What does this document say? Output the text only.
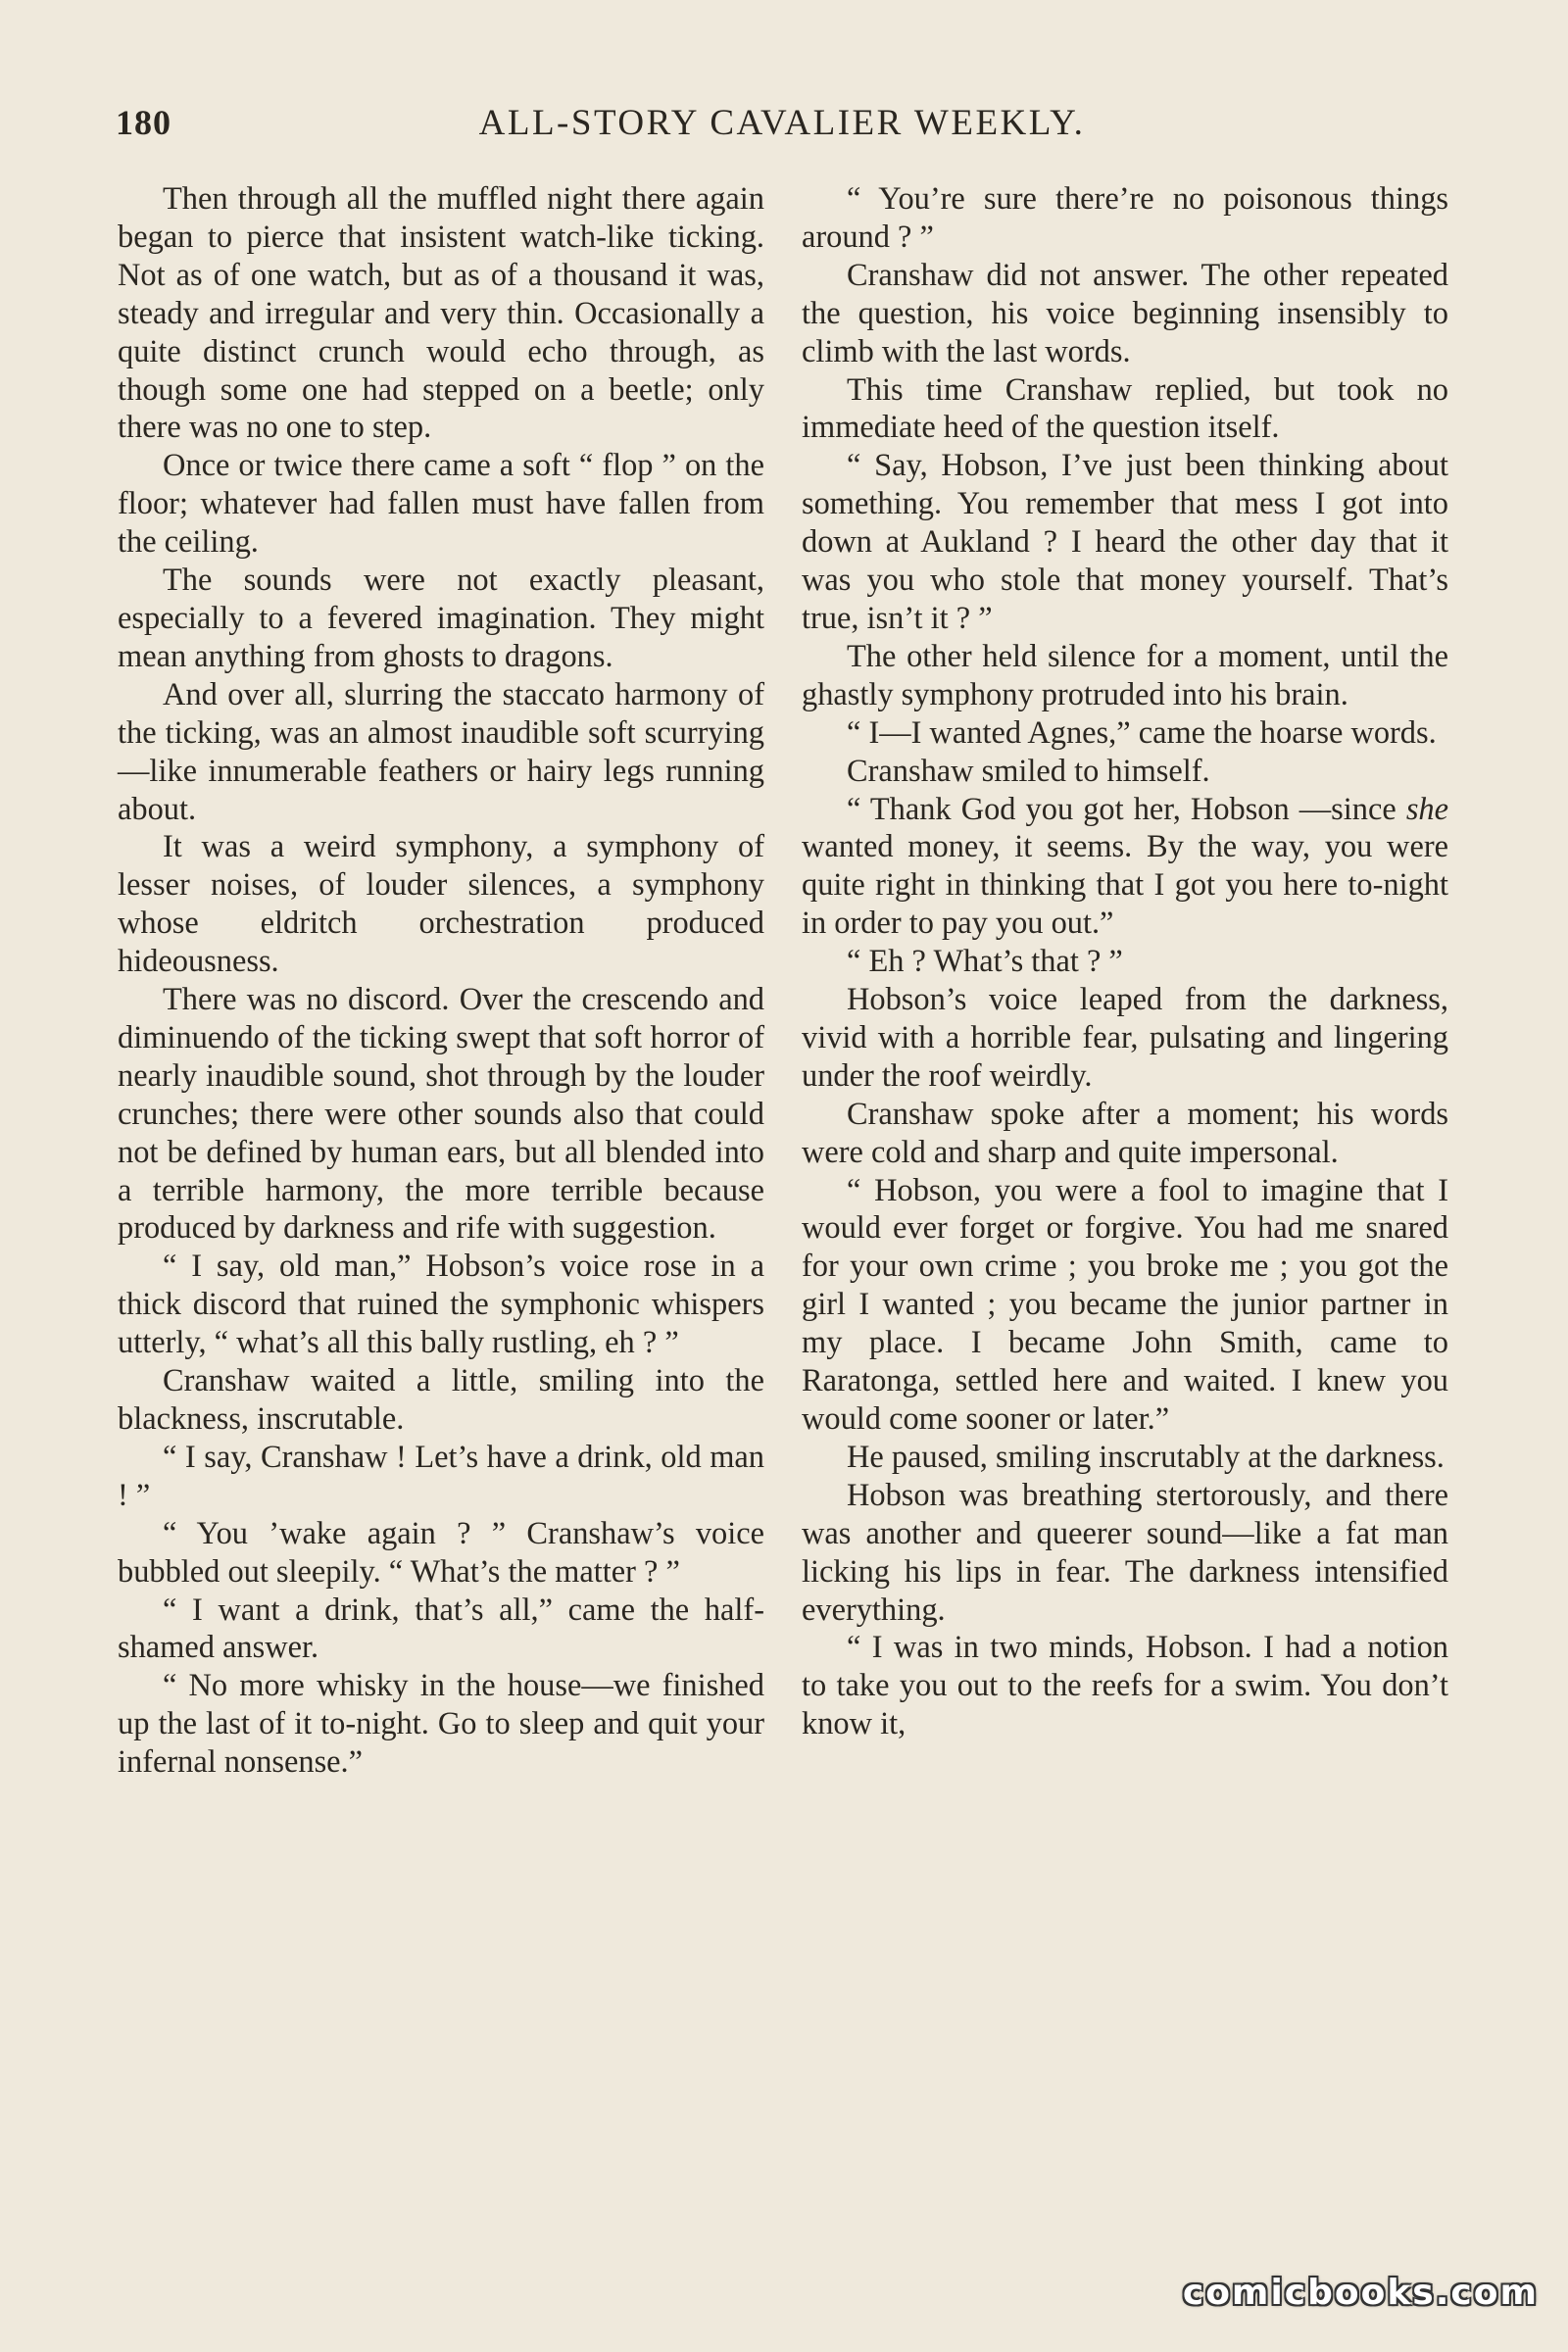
180	ALL-STORY CAVALIER WEEKLY.

Then through all the muffled night there again began to pierce that insistent watch-like ticking. Not as of one watch, but as of a thousand it was, steady and irregular and very thin. Occasionally a quite distinct crunch would echo through, as though some one had stepped on a beetle; only there was no one to step.

Once or twice there came a soft “ flop ” on the floor; whatever had fallen must have fallen from the ceiling.

The sounds were not exactly pleasant, especially to a fevered imagination. They might mean anything from ghosts to dragons.

And over all, slurring the staccato harmony of the ticking, was an almost inaudible soft scurrying—like innumerable feathers or hairy legs running about.

It was a weird symphony, a symphony of lesser noises, of louder silences, a symphony whose eldritch orchestration produced hideousness.

There was no discord. Over the crescendo and diminuendo of the ticking swept that soft horror of nearly inaudible sound, shot through by the louder crunches; there were other sounds also that could not be defined by human ears, but all blended into a terrible harmony, the more terrible because produced by darkness and rife with suggestion.

“ I say, old man,” Hobson’s voice rose in a thick discord that ruined the symphonic whispers utterly, “ what’s all this bally rustling, eh ? ”

Cranshaw waited a little, smiling into the blackness, inscrutable.

“ I say, Cranshaw ! Let’s have a drink, old man ! ”

“ You ’wake again ? ” Cranshaw’s voice bubbled out sleepily. “ What’s the matter ? ”

“ I want a drink, that’s all,” came the half-shamed answer.

“ No more whisky in the house—we finished up the last of it to-night. Go to sleep and quit your infernal nonsense.”

“ You’re sure there’re no poisonous things around ? ”

Cranshaw did not answer. The other repeated the question, his voice beginning insensibly to climb with the last words.

This time Cranshaw replied, but took no immediate heed of the question itself.

“ Say, Hobson, I’ve just been thinking about something. You remember that mess I got into down at Aukland ? I heard the other day that it was you who stole that money yourself. That’s true, isn’t it ? ”

The other held silence for a moment, until the ghastly symphony protruded into his brain.

“ I—I wanted Agnes,” came the hoarse words.

Cranshaw smiled to himself.

“ Thank God you got her, Hobson —since she wanted money, it seems. By the way, you were quite right in thinking that I got you here to-night in order to pay you out.”

“ Eh ? What’s that ? ”

Hobson’s voice leaped from the darkness, vivid with a horrible fear, pulsating and lingering under the roof weirdly.

Cranshaw spoke after a moment; his words were cold and sharp and quite impersonal.

“ Hobson, you were a fool to imagine that I would ever forget or forgive. You had me snared for your own crime ; you broke me ; you got the girl I wanted ; you became the junior partner in my place. I became John Smith, came to Raratonga, settled here and waited. I knew you would come sooner or later.”

He paused, smiling inscrutably at the darkness.

Hobson was breathing stertorously, and there was another and queerer sound—like a fat man licking his lips in fear. The darkness intensified everything.

“ I was in two minds, Hobson. I had a notion to take you out to the reefs for a swim. You don’t know it,

comicbooks.com
